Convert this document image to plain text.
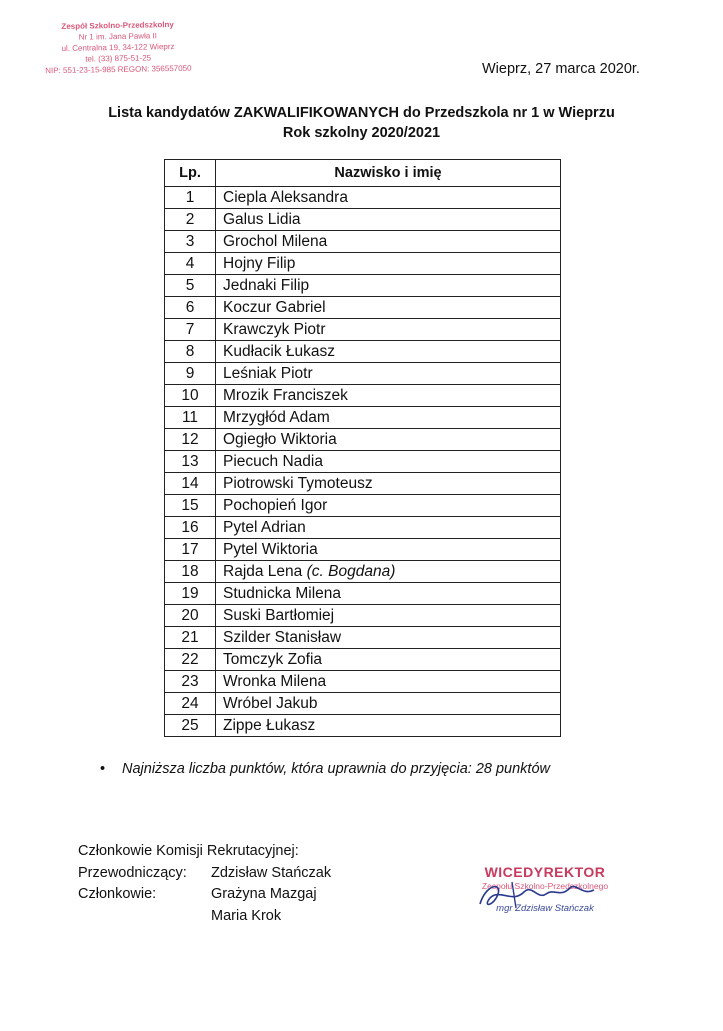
Zespół Szkolno-Przedszkolny
Nr 1 im. Jana Pawła II
ul. Centralna 19, 34-122 Wieprz
tel. (33) 875-51-25
NIP: 551-23-15-985 REGON: 356557050	Wieprz, 27 marca 2020r.
Lista kandydatów ZAKWALIFIKOWANYCH do Przedszkola nr 1 w Wieprzu
Rok szkolny 2020/2021
Lp.	Nazwisko i imię
1	Ciepla Aleksandra
2	Galus Lidia
3	Grochol Milena
4	Hojny Filip
5	Jednaki Filip
6	Koczur Gabriel
7	Krawczyk Piotr
8	Kudłacik Łukasz
9	Leśniak Piotr
10	Mrozik Franciszek
11	Mrzygłód Adam
12	Ogiegło Wiktoria
13	Piecuch Nadia
14	Piotrowski Tymoteusz
15	Pochopień Igor
16	Pytel Adrian
17	Pytel Wiktoria
18	Rajda Lena (c. Bogdana)
19	Studnicka Milena
20	Suski Bartłomiej
21	Szilder Stanisław
22	Tomczyk Zofia
23	Wronka Milena
24	Wróbel Jakub
25	Zippe Łukasz
• Najniższa liczba punktów, która uprawnia do przyjęcia: 28 punktów
Członkowie Komisji Rekrutacyjnej:
Przewodniczący:	Zdzisław Stańczak
Członkowie:	Grażyna Mazgaj
Maria Krok
WICEDYREKTOR
Zespołu Szkolno-Przedszkolnego
mgr Zdzisław Stańczak
